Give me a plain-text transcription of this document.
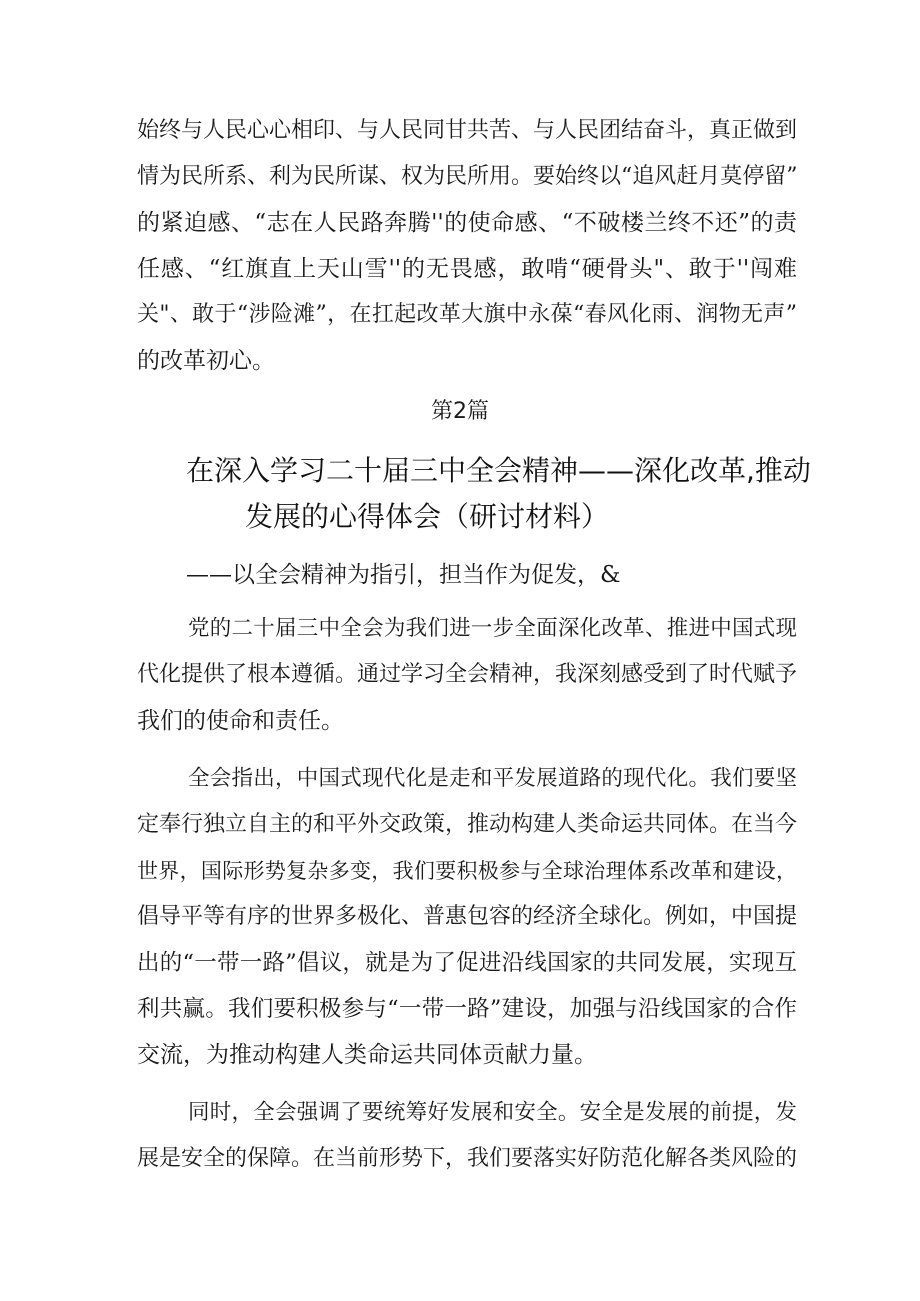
始终与人民心心相印、与人民同甘共苦、与人民团结奋斗，真正做到
情为民所系、利为民所谋、权为民所用。要始终以“追风赶月莫停留”
的紧迫感、“志在人民路奔腾''的使命感、“不破楼兰终不还”的责
任感、“红旗直上天山雪''的无畏感，敢啃“硬骨头"、敢于''闯难
关"、敢于“涉险滩”，在扛起改革大旗中永葆“春风化雨、润物无声”
的改革初心。
第2篇
在深入学习二十届三中全会精神——深化改革,推动
发展的心得体会（研讨材料）
——以全会精神为指引，担当作为促发，&
党的二十届三中全会为我们进一步全面深化改革、推进中国式现
代化提供了根本遵循。通过学习全会精神，我深刻感受到了时代赋予
我们的使命和责任。
全会指出，中国式现代化是走和平发展道路的现代化。我们要坚
定奉行独立自主的和平外交政策，推动构建人类命运共同体。在当今
世界，国际形势复杂多变，我们要积极参与全球治理体系改革和建设，
倡导平等有序的世界多极化、普惠包容的经济全球化。例如，中国提
出的“一带一路”倡议，就是为了促进沿线国家的共同发展，实现互
利共赢。我们要积极参与“一带一路”建设，加强与沿线国家的合作
交流，为推动构建人类命运共同体贡献力量。
同时，全会强调了要统筹好发展和安全。安全是发展的前提，发
展是安全的保障。在当前形势下，我们要落实好防范化解各类风险的
